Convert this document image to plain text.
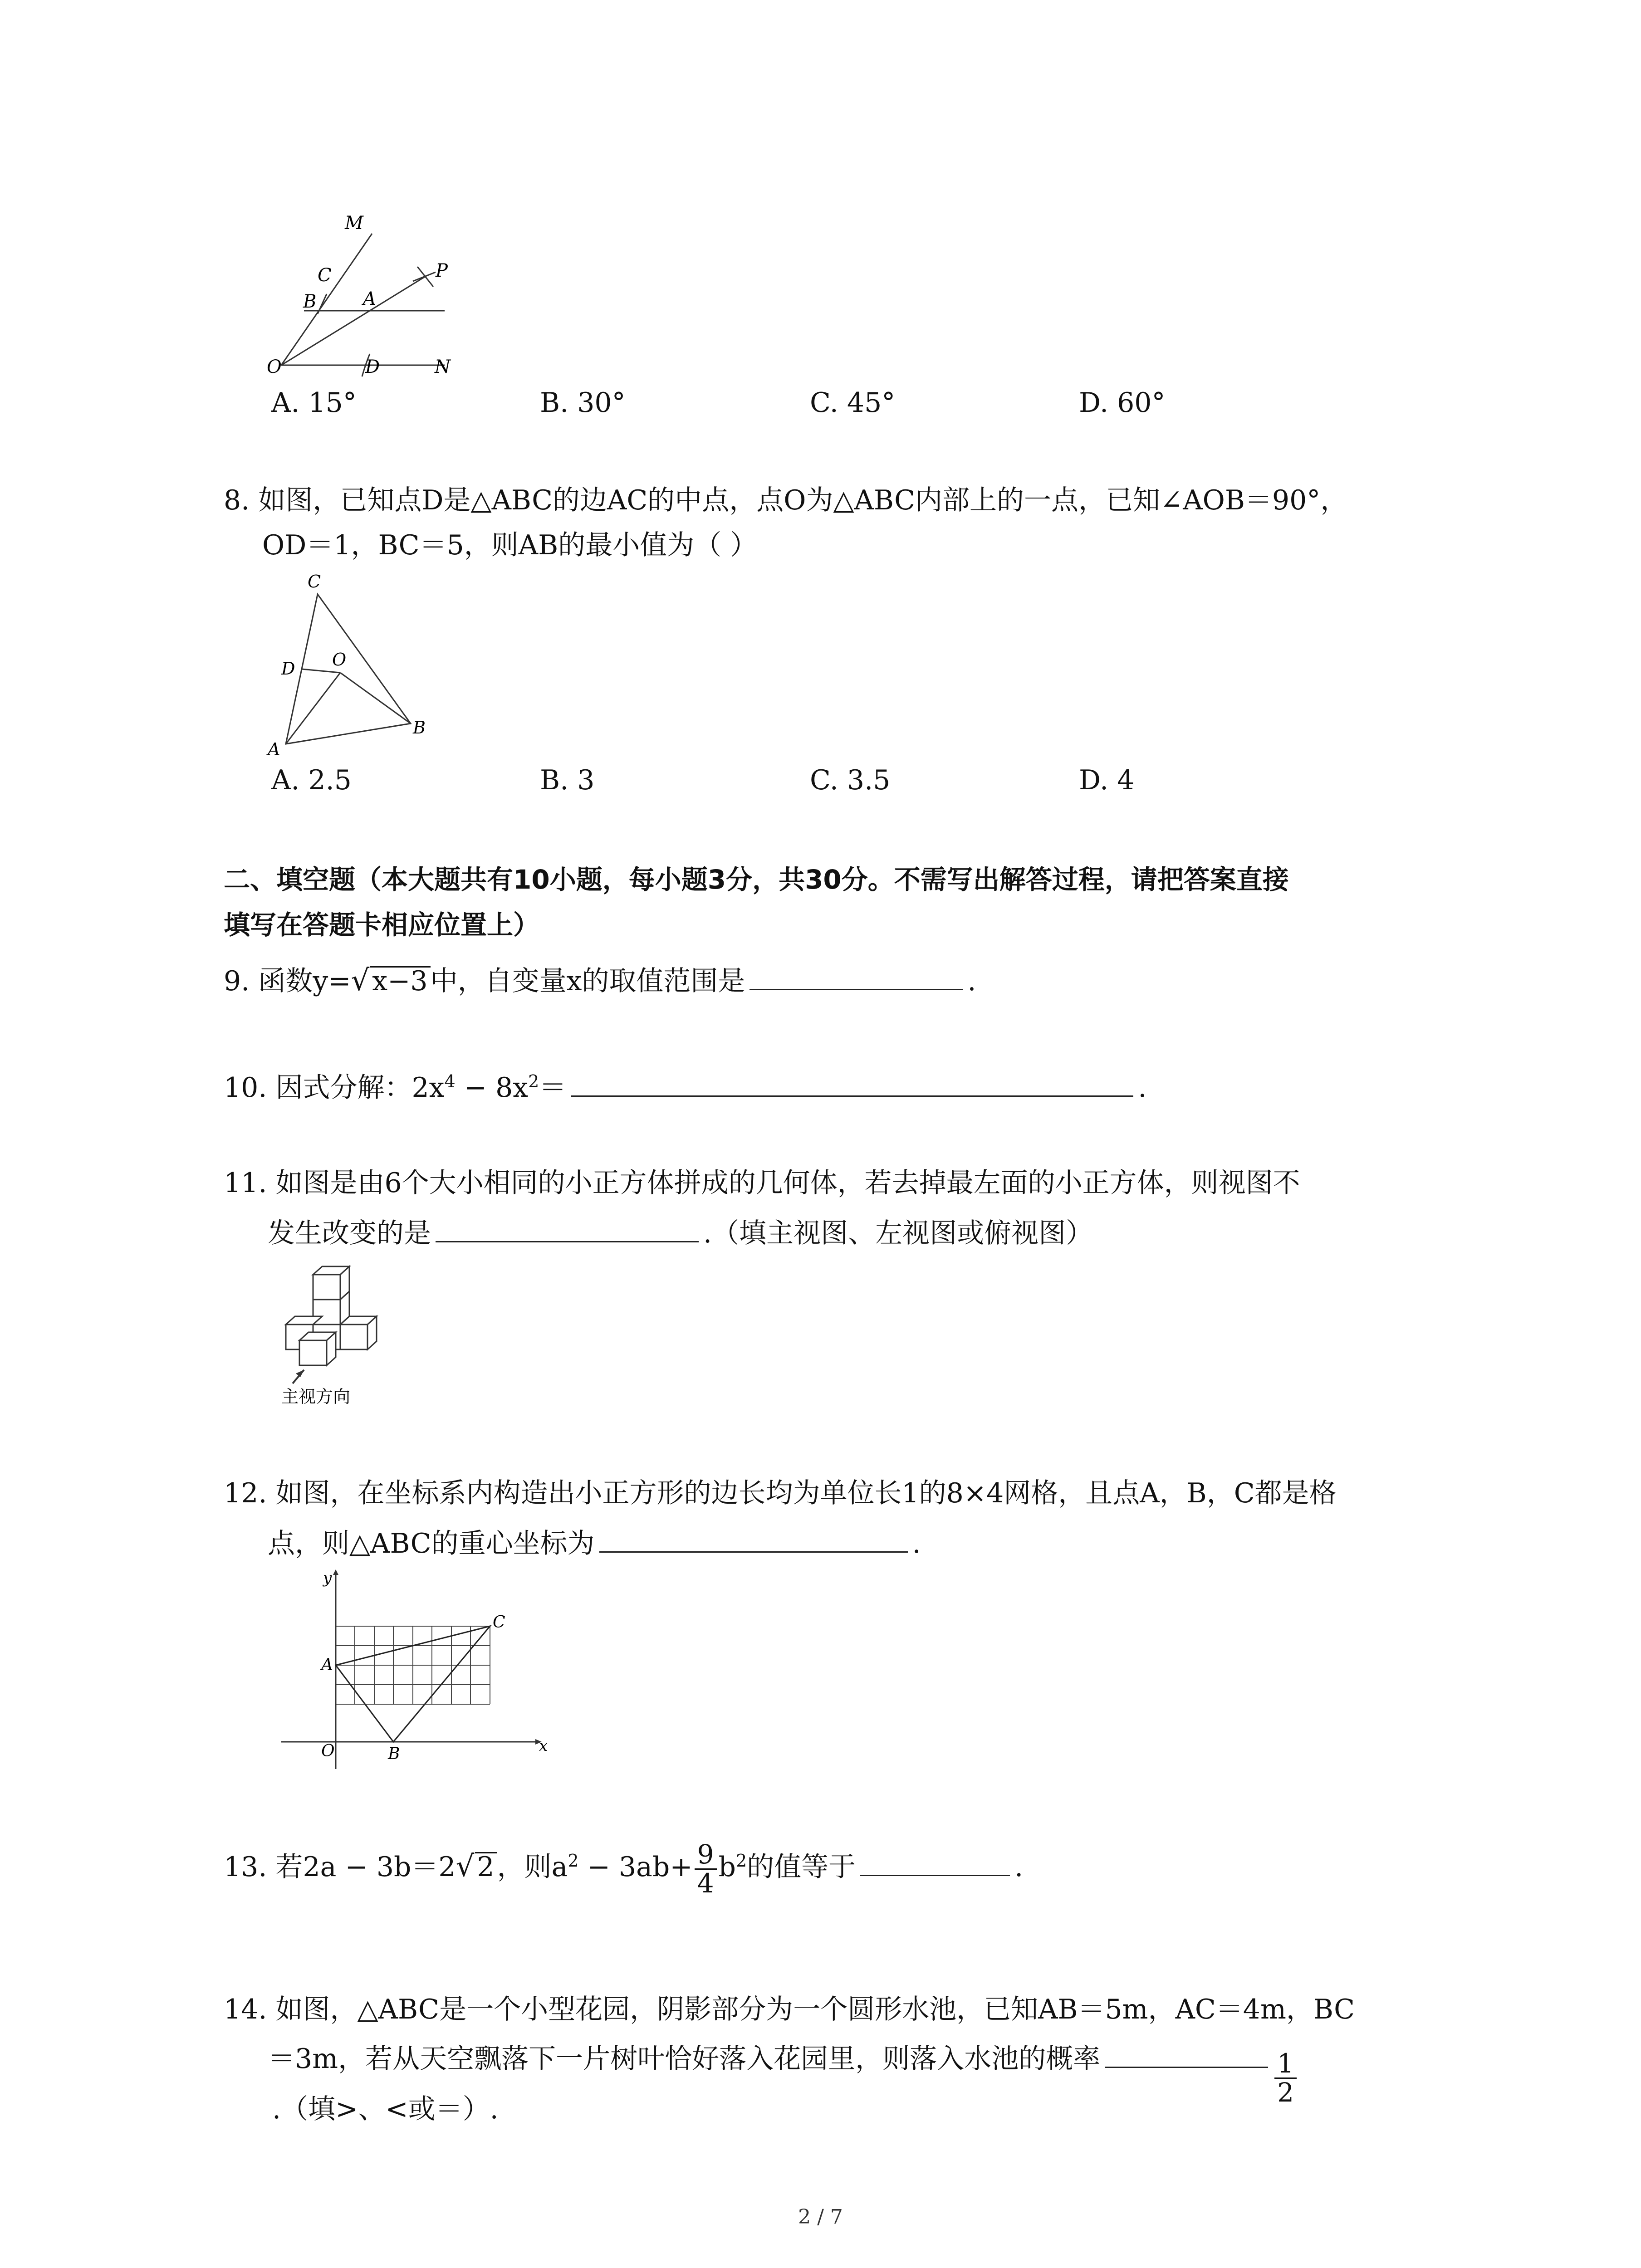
M
C
B	A
P
O	D	N
A. 15°	B. 30°	C. 45°	D. 60°
8. 如图，已知点D是△ABC的边AC的中点，点O为△ABC内部上的一点，已知∠AOB＝90°，
OD＝1，BC＝5，则AB的最小值为（ ）
C
D O
A
B
A. 2.5	B. 3	C. 3.5	D. 4
二、填空题（本大题共有10小题，每小题3分，共30分。不需写出解答过程，请把答案直接
填写在答题卡相应位置上）
9. 函数y=√ x−3 中，自变量x的取值范围是	.
10. 因式分解：$2x^4 - 8x^2=$	.
11. 如图是由6个大小相同的小正方体拼成的几何体，若去掉最左面的小正方体，则视图不
发生改变的是	.（填主视图、左视图或俯视图）
主视方向
12. 如图，在坐标系内构造出小正方形的边长均为单位长1的8×4网格，且点A，B，C都是格
点，则△ABC的重心坐标为	.
y
x
O
A
B
C
13. 若2a − 3b＝2√ 2 ，则$a^2 - 3ab+ \frac{9}{4} b^2$的值等于	.
14. 如图，△ABC是一个小型花园，阴影部分为一个圆形水池，已知AB＝5m，AC＝4m，BC
＝3m，若从天空飘落下一片树叶恰好落入花园里，则落入水池的概率	$\frac{1}{2}$
.（填>、<或＝）.
2 / 7
